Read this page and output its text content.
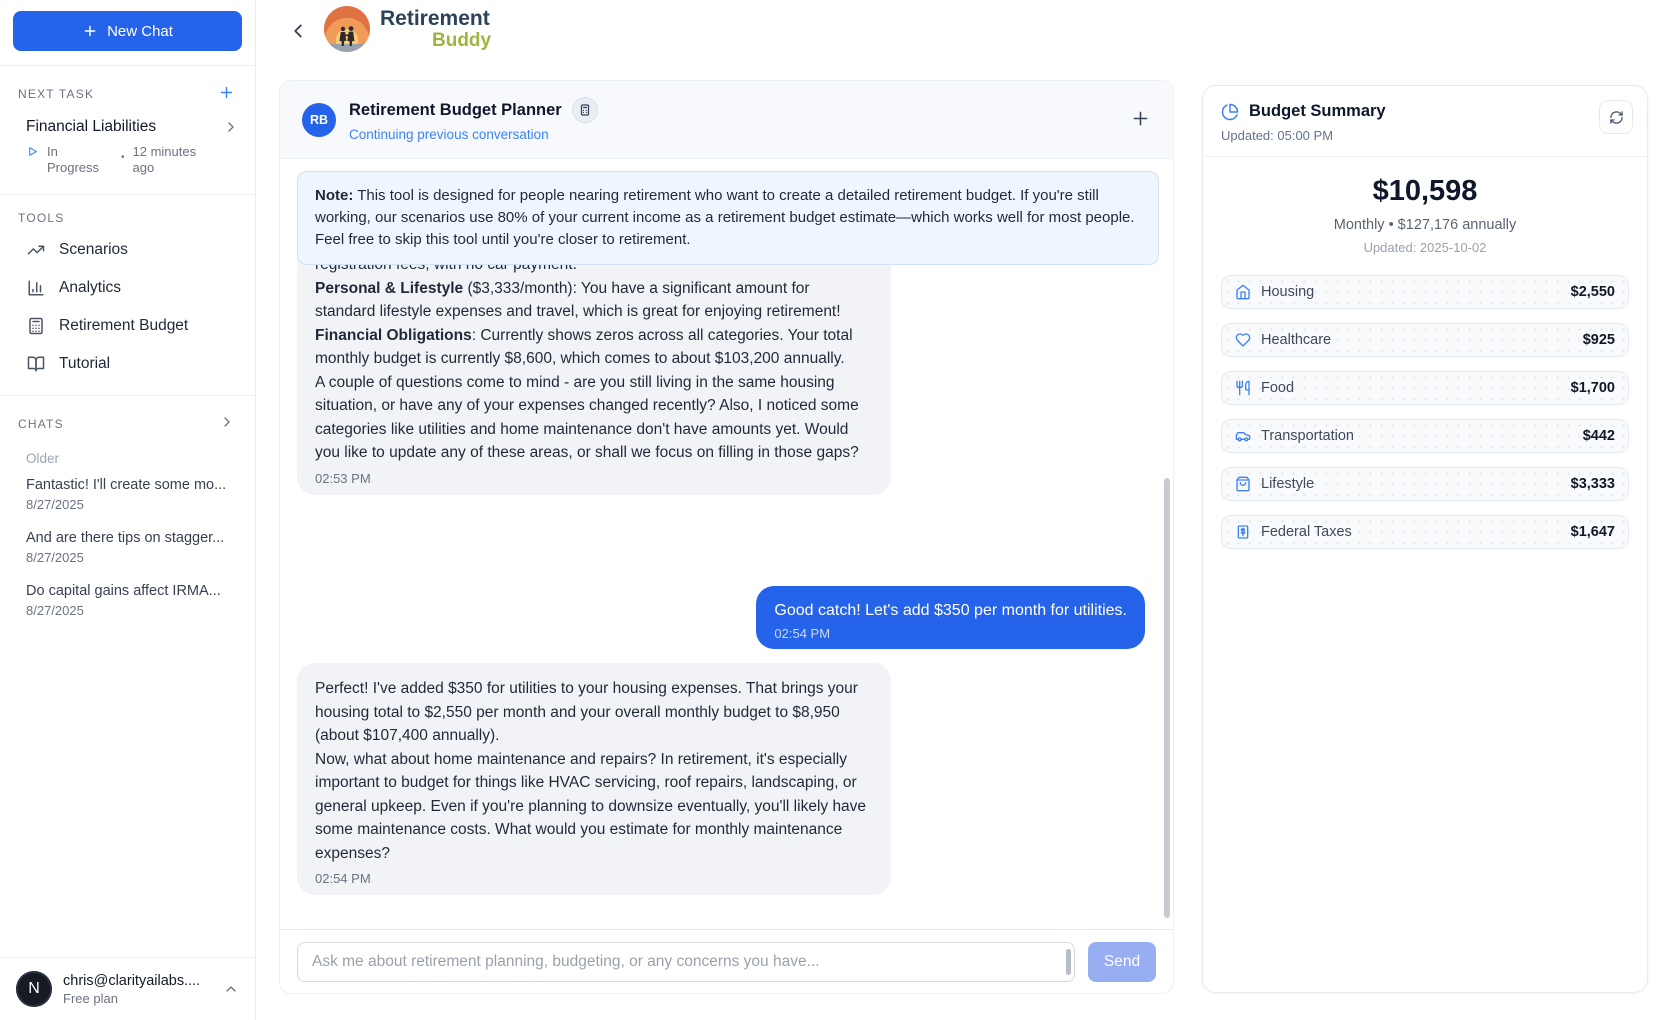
New Chat
NEXT TASK
Financial Liabilities
In Progress
• 12 minutes ago
TOOLS
Scenarios
Analytics
Retirement Budget
Tutorial
CHATS
Older
Fantastic! I'll create some mo...
8/27/2025
And are there tips on stagger...
8/27/2025
Do capital gains affect IRMA...
8/27/2025
N chris@clarityailabs....
Free plan
Retirement
Buddy
RB
Retirement Budget Planner
Continuing previous conversation
Note: This tool is designed for people nearing retirement who want to create a detailed retirement budget. If you're still working, our scenarios use 80% of your current income as a retirement budget estimate—which works well for most people. Feel free to skip this tool until you're closer to retirement.

Personal & Lifestyle ($3,333/month): You have a significant amount for standard lifestyle expenses and travel, which is great for enjoying retirement!
Financial Obligations: Currently shows zeros across all categories. Your total monthly budget is currently $8,600, which comes to about $103,200 annually.
A couple of questions come to mind - are you still living in the same housing situation, or have any of your expenses changed recently? Also, I noticed some categories like utilities and home maintenance don't have amounts yet. Would you like to update any of these areas, or shall we focus on filling in those gaps?
02:53 PM
Good catch! Let's add $350 per month for utilities.
02:54 PM
Perfect! I've added $350 for utilities to your housing expenses. That brings your housing total to $2,550 per month and your overall monthly budget to $8,950 (about $107,400 annually).
Now, what about home maintenance and repairs? In retirement, it's especially important to budget for things like HVAC servicing, roof repairs, landscaping, or general upkeep. Even if you're planning to downsize eventually, you'll likely have some maintenance costs. What would you estimate for monthly maintenance expenses?
02:54 PM
Ask me about retirement planning, budgeting, or any concerns you have...
Send
Budget Summary
Updated: 05:00 PM
$10,598
Monthly • $127,176 annually
Updated: 2025-10-02
Housing	$2,550
Healthcare	$925
Food	$1,700
Transportation	$442
Lifestyle	$3,333
Federal Taxes	$1,647
